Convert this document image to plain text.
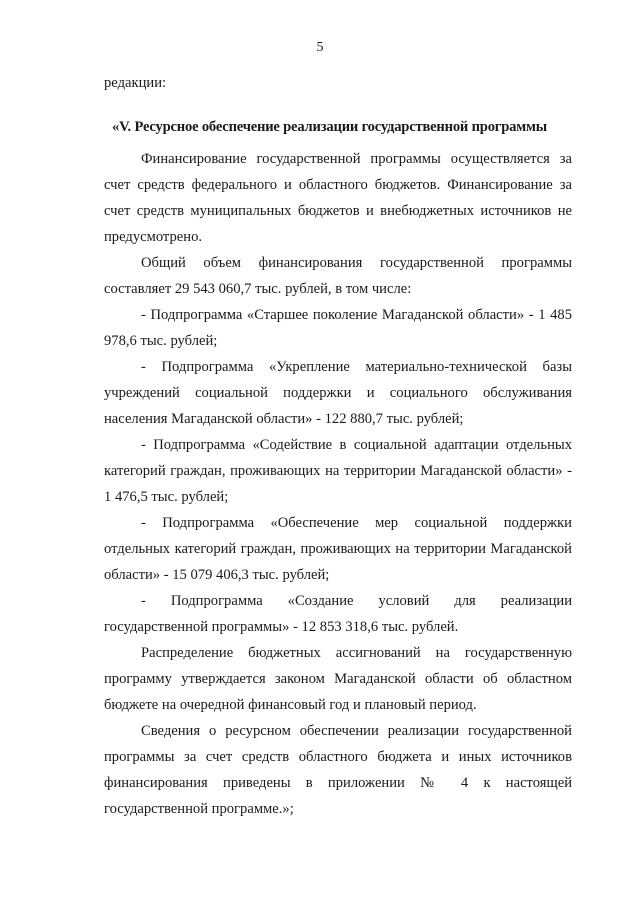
5

редакции:

«V. Ресурсное обеспечение реализации государственной программы

Финансирование государственной программы осуществляется за счет средств федерального и областного бюджетов. Финансирование за счет средств муниципальных бюджетов и внебюджетных источников не предусмотрено.

Общий объем финансирования государственной программы составляет 29 543 060,7 тыс. рублей, в том числе:

- Подпрограмма «Старшее поколение Магаданской области» - 1 485 978,6 тыс. рублей;

- Подпрограмма «Укрепление материально-технической базы учреждений социальной поддержки и социального обслуживания населения Магаданской области» - 122 880,7 тыс. рублей;

- Подпрограмма «Содействие в социальной адаптации отдельных категорий граждан, проживающих на территории Магаданской области» - 1 476,5 тыс. рублей;

- Подпрограмма «Обеспечение мер социальной поддержки отдельных категорий граждан, проживающих на территории Магаданской области» - 15 079 406,3 тыс. рублей;

- Подпрограмма «Создание условий для реализации государственной программы» - 12 853 318,6 тыс. рублей.

Распределение бюджетных ассигнований на государственную программу утверждается законом Магаданской области об областном бюджете на очередной финансовый год и плановый период.

Сведения о ресурсном обеспечении реализации государственной программы за счет средств областного бюджета и иных источников финансирования приведены в приложении № 4 к настоящей государственной программе.»;
